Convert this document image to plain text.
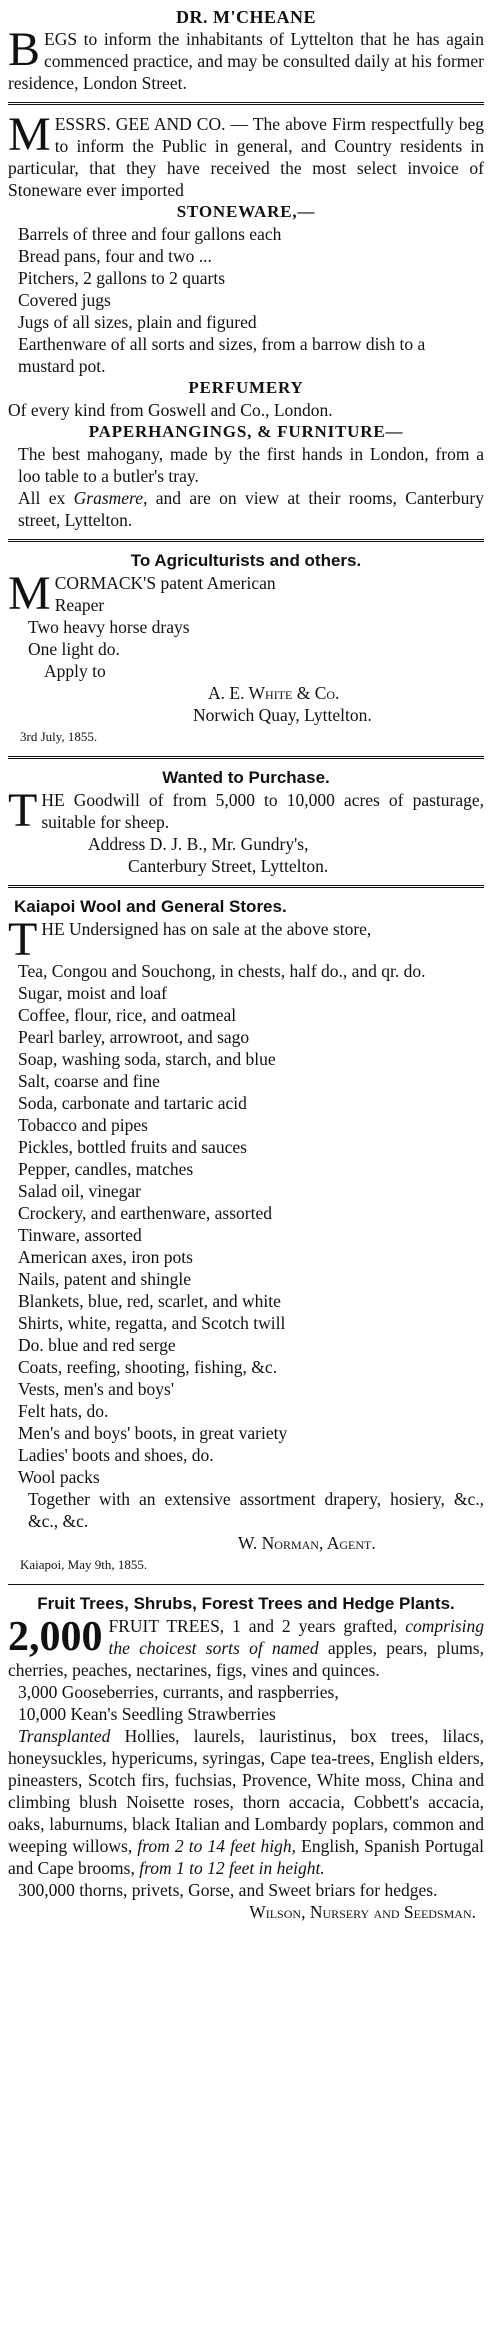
DR. M'CHEANE
BEGS to inform the inhabitants of Lyttelton that he has again commenced practice, and may be consulted daily at his former residence, London Street.
MESSRS. GEE AND CO. — The above Firm respectfully beg to inform the Public in general, and Country residents in particular, that they have received the most select invoice of Stoneware ever imported
STONEWARE,—
Barrels of three and four gallons each
Bread pans, four and two ...
Pitchers, 2 gallons to 2 quarts
Covered jugs
Jugs of all sizes, plain and figured
Earthenware of all sorts and sizes, from a barrow dish to a mustard pot.
PERFUMERY
Of every kind from Goswell and Co., London.
PAPERHANGINGS, & FURNITURE—
The best mahogany, made by the first hands in London, from a loo table to a butler's tray.
All ex Grasmere, and are on view at their rooms, Canterbury street, Lyttelton.
To Agriculturists and others.
M CORMACK'S patent American
Reaper
Two heavy horse drays
One light do.
Apply to
A. E. White & Co.
Norwich Quay, Lyttelton.
3rd July, 1855.
Wanted to Purchase.
THE Goodwill of from 5,000 to 10,000 acres of pasturage, suitable for sheep.
Address D. J. B., Mr. Gundry's,
Canterbury Street, Lyttelton.
Kaiapoi Wool and General Stores.
THE Undersigned has on sale at the above store,
Tea, Congou and Souchong, in chests, half do., and qr. do.
Sugar, moist and loaf
Coffee, flour, rice, and oatmeal
Pearl barley, arrowroot, and sago
Soap, washing soda, starch, and blue
Salt, coarse and fine
Soda, carbonate and tartaric acid
Tobacco and pipes
Pickles, bottled fruits and sauces
Pepper, candles, matches
Salad oil, vinegar
Crockery, and earthenware, assorted
Tinware, assorted
American axes, iron pots
Nails, patent and shingle
Blankets, blue, red, scarlet, and white
Shirts, white, regatta, and Scotch twill
Do. blue and red serge
Coats, reefing, shooting, fishing, &c.
Vests, men's and boys'
Felt hats, do.
Men's and boys' boots, in great variety
Ladies' boots and shoes, do.
Wool packs
Together with an extensive assortment drapery, hosiery, &c., &c., &c.
W. Norman, Agent.
Kaiapoi, May 9th, 1855.
Fruit Trees, Shrubs, Forest Trees and Hedge Plants.
2,000 FRUIT TREES, 1 and 2 years grafted, comprising the choicest sorts of named apples, pears, plums, cherries, peaches, nectarines, figs, vines and quinces.
3,000 Gooseberries, currants, and raspberries,
10,000 Kean's Seedling Strawberries
Transplanted Hollies, laurels, lauristinus, box trees, lilacs, honeysuckles, hypericums, syringas, Cape tea-trees, English elders, pineasters, Scotch firs, fuchsias, Provence, White moss, China and climbing blush Noisette roses, thorn accacia, Cobbett's accacia, oaks, laburnums, black Italian and Lombardy poplars, common and weeping willows, from 2 to 14 feet high, English, Spanish Portugal and Cape brooms, from 1 to 12 feet in height.
300,000 thorns, privets, Gorse, and Sweet briars for hedges.
Wilson, Nursery and Seedsman.
